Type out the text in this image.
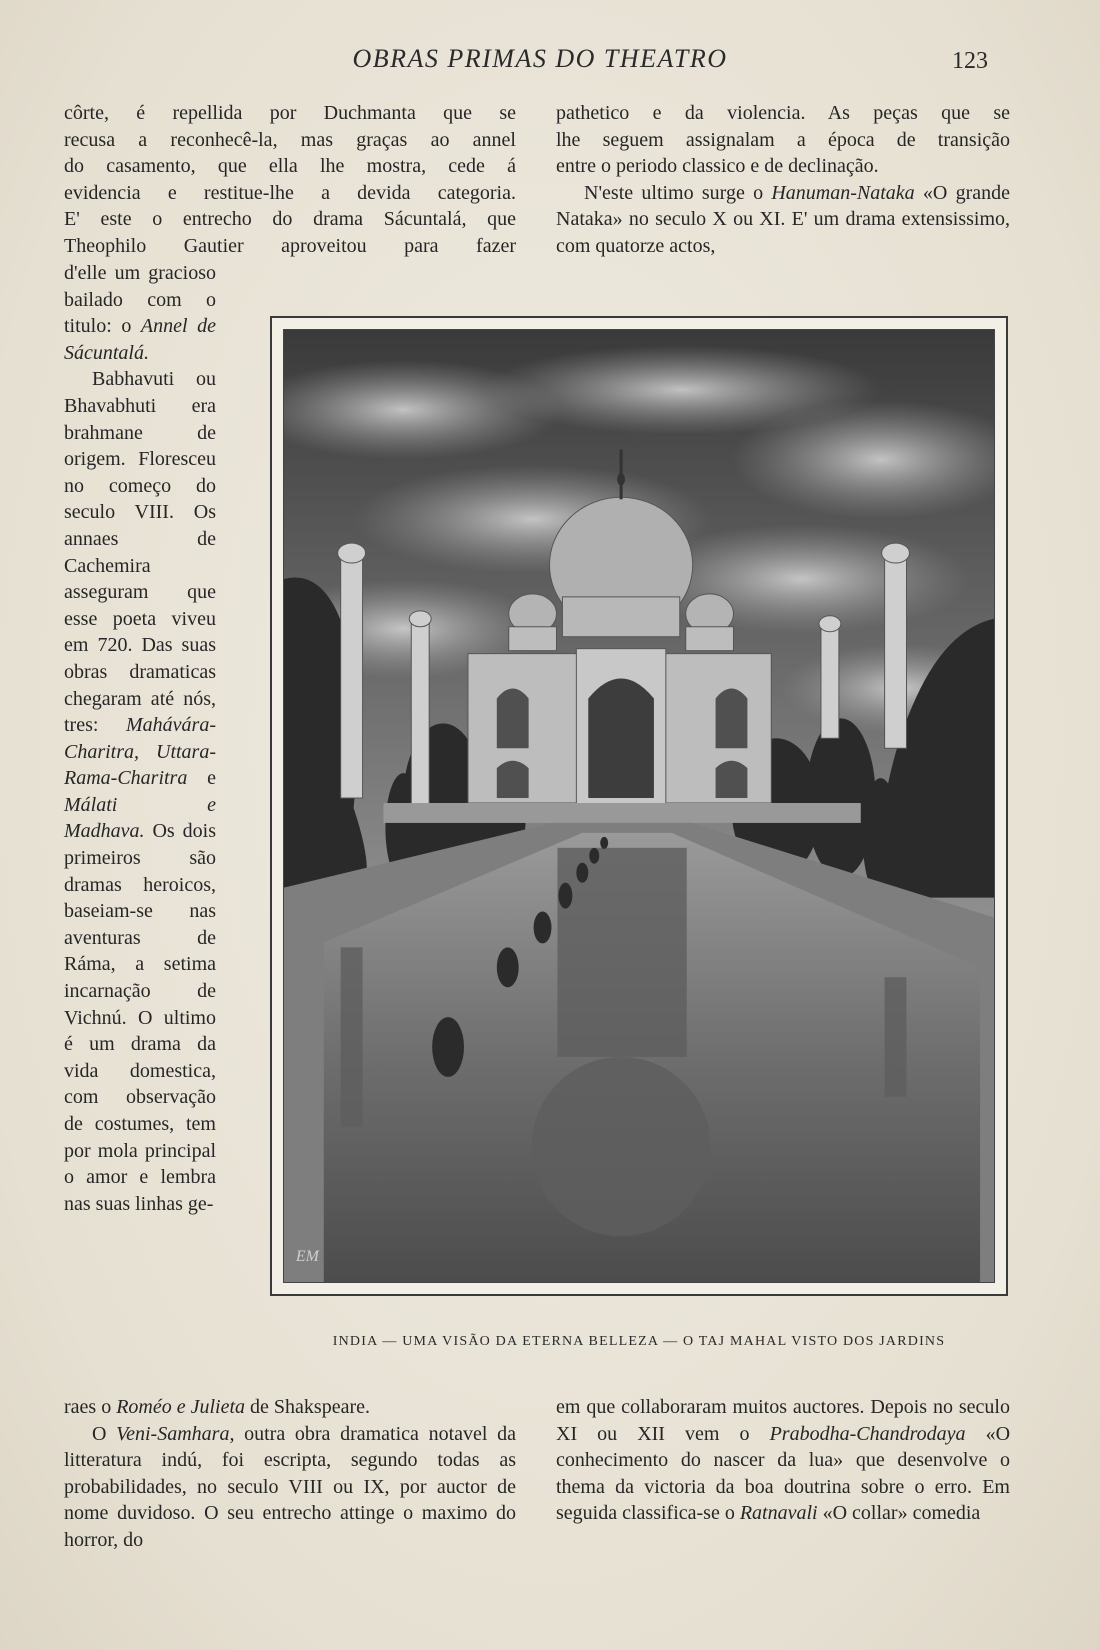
OBRAS PRIMAS DO THEATRO	123

côrte, é repellida por Duchmanta que se

recusa a reconhecê-la, mas graças ao annel

do casamento, que ella lhe mostra, cede á

evidencia e restitue-lhe a devida categoria.

E' este o entrecho do drama Sácuntalá, que

Theophilo Gautier aproveitou para fazer

d'elle um gracioso bailado com o titulo: o Annel de Sácuntalá.

Babhavuti ou Bhavabhuti era brahmane de origem. Floresceu no começo do seculo VIII. Os annaes de Cachemira asseguram que esse poeta viveu em 720. Das suas obras dramaticas chegaram até nós, tres: Mahávára-Charitra, Uttara-Rama-Charitra e Málati e Madhava. Os dois primeiros são dramas heroicos, baseiam-se nas aventuras de Ráma, a setima incarnação de Vichnú. O ultimo é um drama da vida domestica, com observação de costumes, tem por mola principal o amor e lembra nas suas linhas ge-

raes o Roméo e Julieta de Shakspeare.

O Veni-Samhara, outra obra dramatica notavel da litteratura indú, foi escripta, segundo todas as probabilidades, no seculo VIII ou IX, por auctor de nome duvidoso. O seu entrecho attinge o maximo do horror, do

pathetico e da violencia. As peças que se

lhe seguem assignalam a época de transição

entre o periodo classico e de declinação.

N'este ultimo surge o Hanuman-Nataka «O grande Nataka» no seculo X ou XI. E' um drama extensissimo, com quatorze actos,

em que collaboraram muitos auctores. Depois no seculo XI ou XII vem o Prabodha-Chandrodaya «O conhecimento do nascer da lua» que desenvolve o thema da victoria da boa doutrina sobre o erro. Em seguida classifica-se o Ratnavali «O collar» comedia

EM
INDIA — UMA VISÃO DA ETERNA BELLEZA — O TAJ MAHAL VISTO DOS JARDINS
